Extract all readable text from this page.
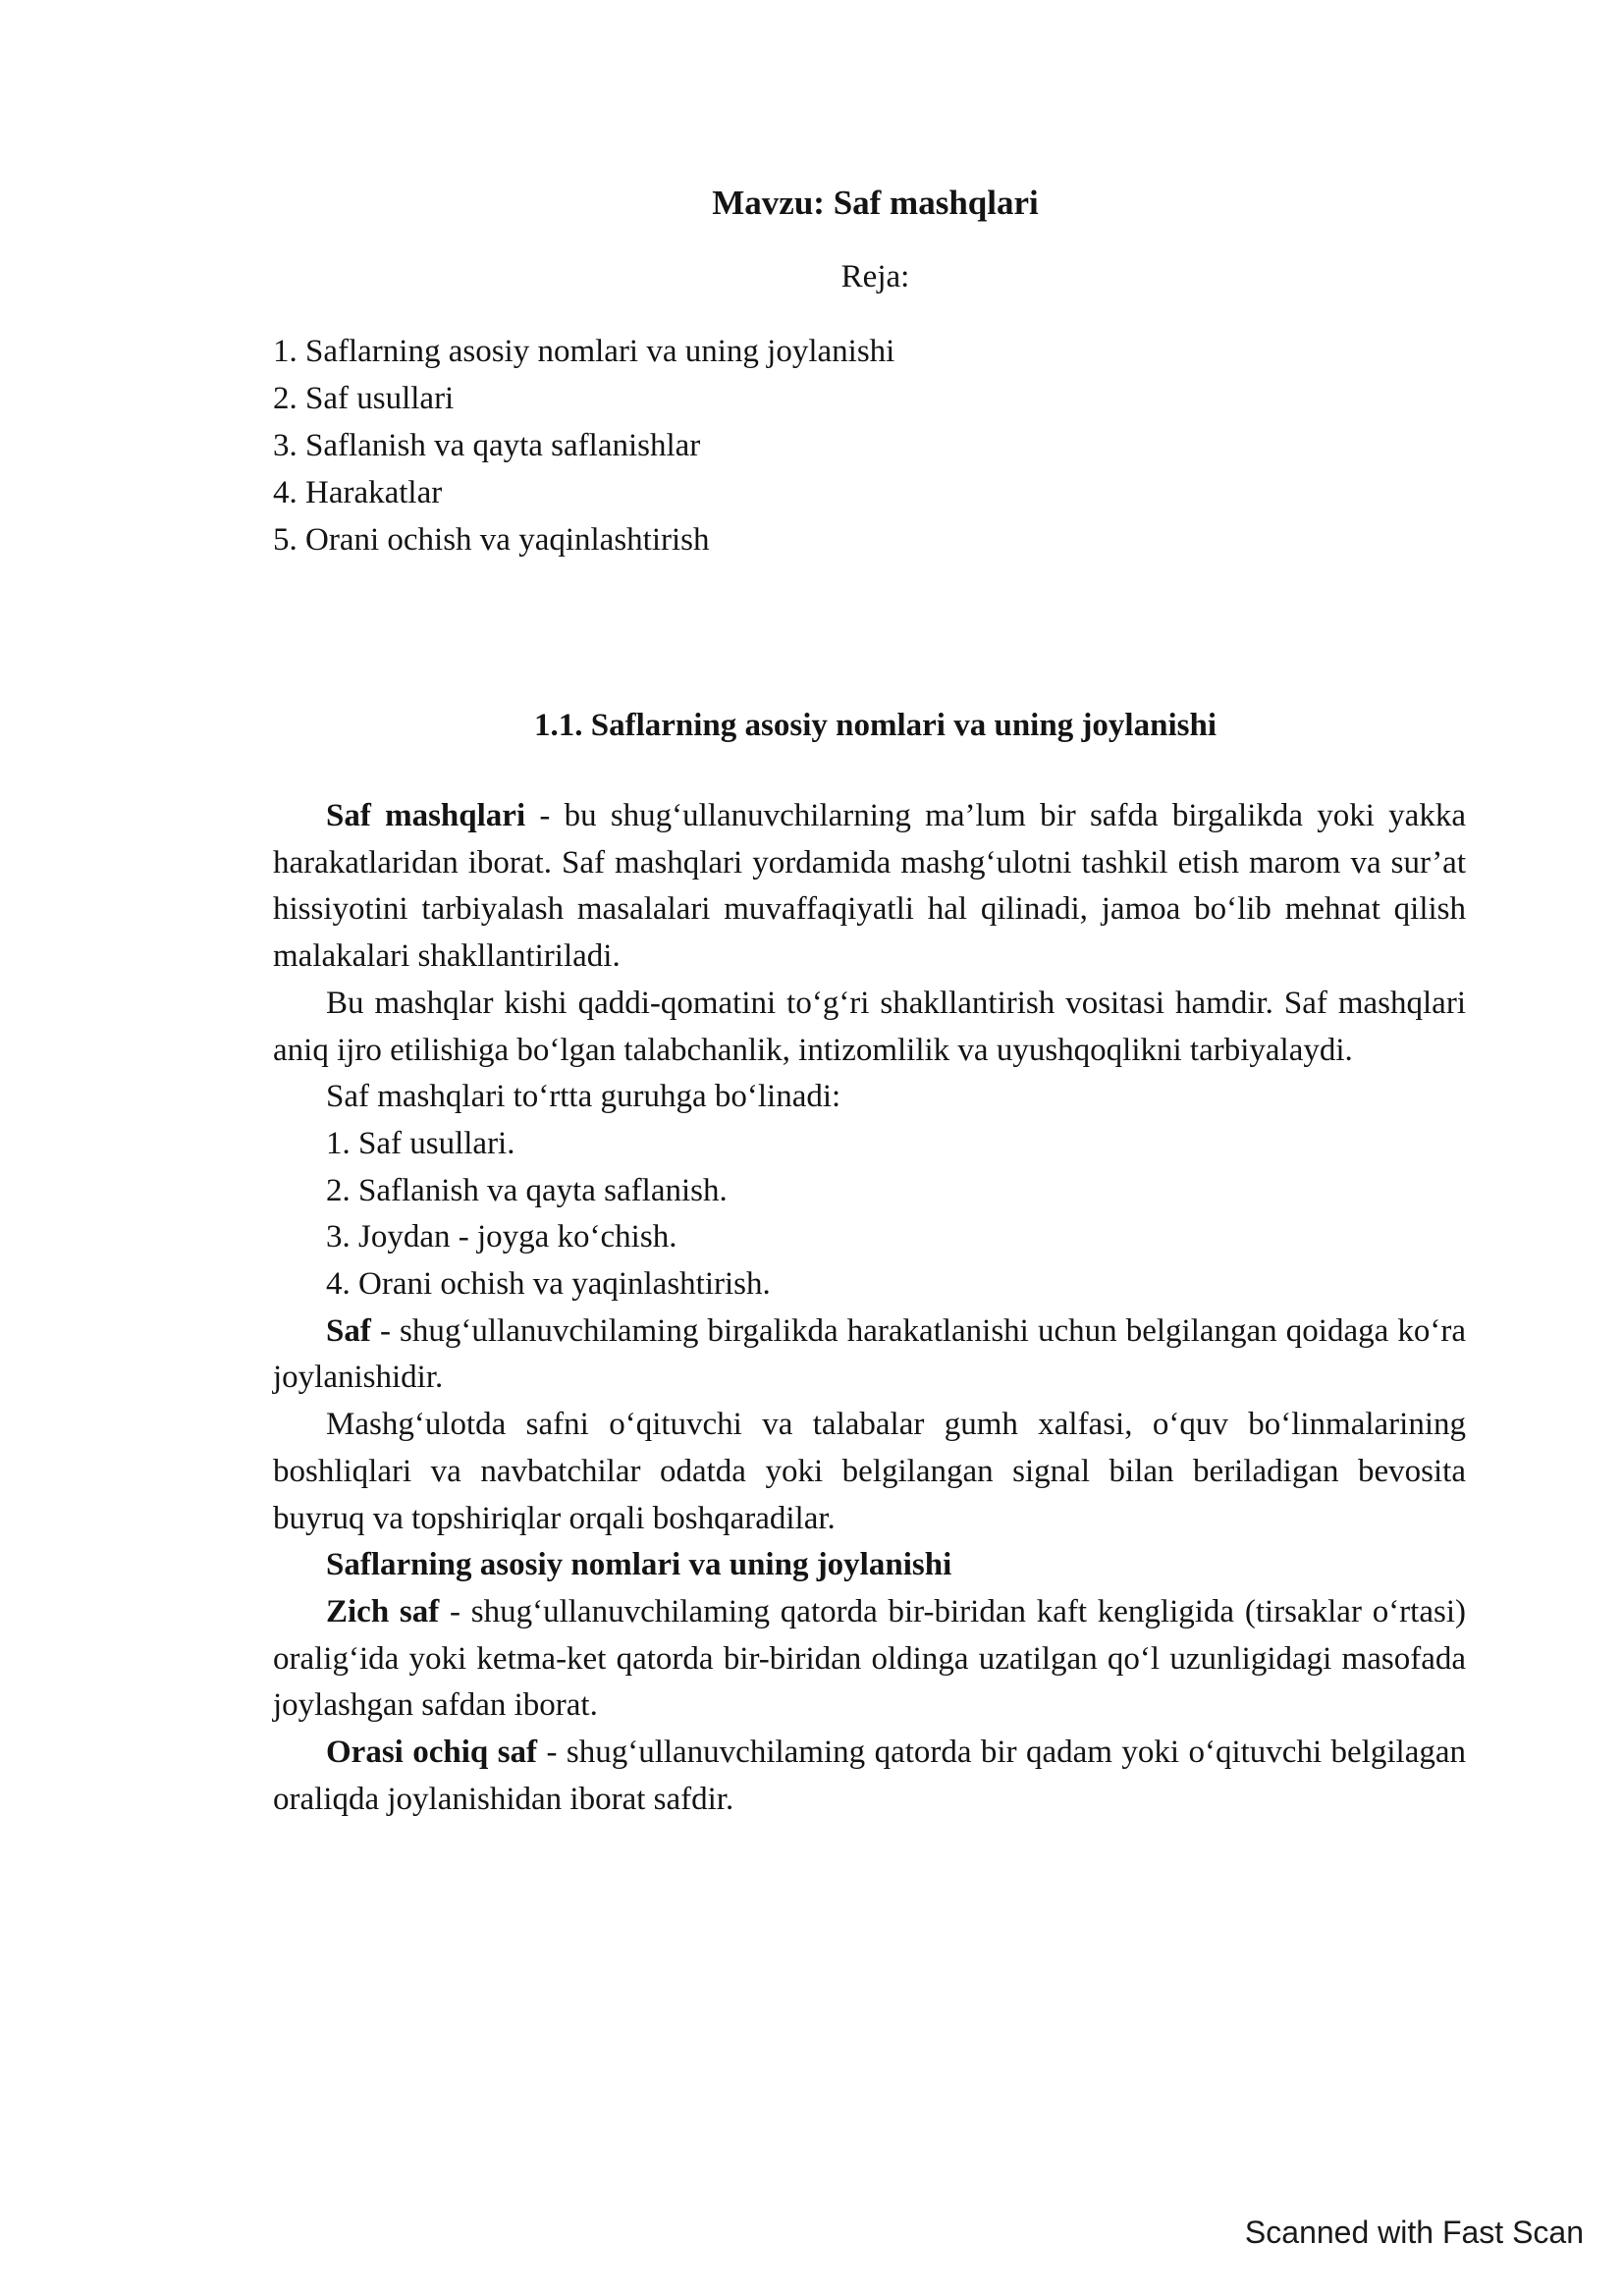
Mavzu: Saf mashqlari
Reja:
1. Saflarning asosiy nomlari va uning joylanishi
2. Saf usullari
3. Saflanish va qayta saflanishlar
4. Harakatlar
5. Orani ochish va yaqinlashtirish
1.1. Saflarning asosiy nomlari va uning joylanishi

Saf mashqlari - bu shug‘ullanuvchilarning ma’lum bir safda birgalikda yoki yakka harakatlaridan iborat. Saf mashqlari yordamida mashg‘ulotni tashkil etish marom va sur’at hissiyotini tarbiyalash masalalari muvaffaqiyatli hal qilinadi, jamoa bo‘lib mehnat qilish malakalari shakllantiriladi.

Bu mashqlar kishi qaddi-qomatini to‘g‘ri shakllantirish vositasi hamdir. Saf mashqlari aniq ijro etilishiga bo‘lgan talabchanlik, intizomlilik va uyushqoqlikni tarbiyalaydi.

Saf mashqlari to‘rtta guruhga bo‘linadi:

1. Saf usullari.

2. Saflanish va qayta saflanish.

3. Joydan - joyga ko‘chish.

4. Orani ochish va yaqinlashtirish.

Saf - shug‘ullanuvchilaming birgalikda harakatlanishi uchun belgilangan qoidaga ko‘ra joylanishidir.

Mashg‘ulotda safni o‘qituvchi va talabalar gumh xalfasi, o‘quv bo‘linmalarining boshliqlari va navbatchilar odatda yoki belgilangan signal bilan beriladigan bevosita buyruq va topshiriqlar orqali boshqaradilar.

Saflarning asosiy nomlari va uning joylanishi

Zich saf - shug‘ullanuvchilaming qatorda bir-biridan kaft kengligida (tirsaklar o‘rtasi) oralig‘ida yoki ketma-ket qatorda bir-biridan oldinga uzatilgan qo‘l uzunligidagi masofada joylashgan safdan iborat.

Orasi ochiq saf - shug‘ullanuvchilaming qatorda bir qadam yoki o‘qituvchi belgilagan oraliqda joylanishidan iborat safdir.

Scanned with Fast Scan
